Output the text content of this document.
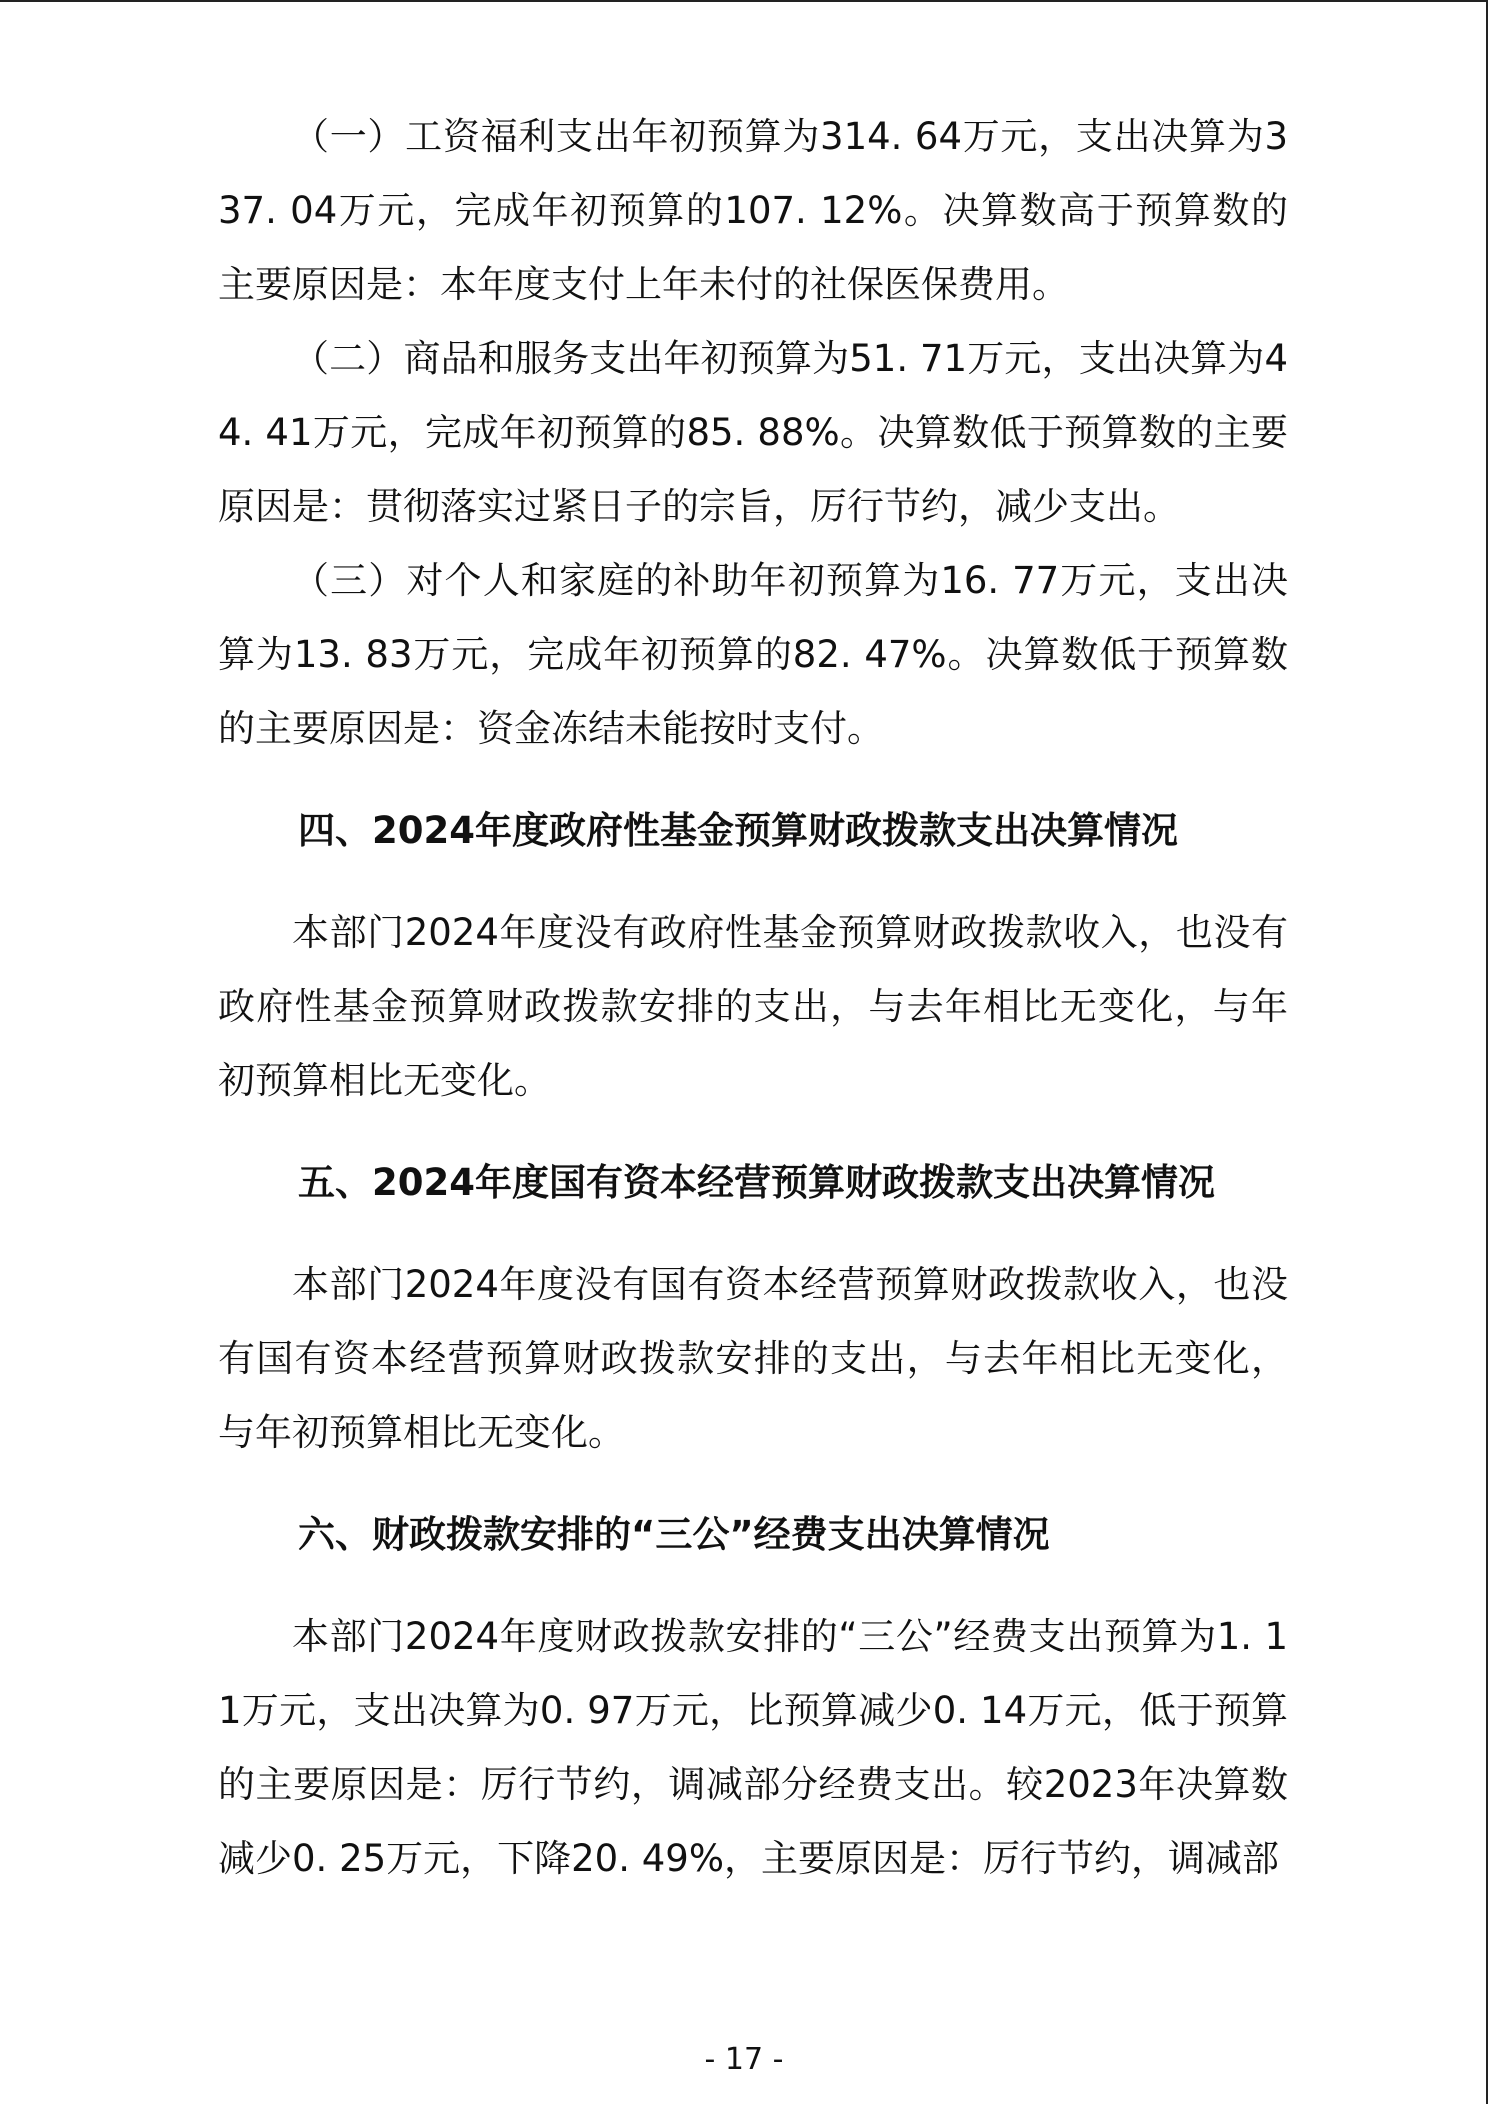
（一）工资福利支出年初预算为314. 64万元，支出决算为337. 04万元，完成年初预算的107. 12%。决算数高于预算数的主要原因是：本年度支付上年未付的社保医保费用。

（二）商品和服务支出年初预算为51. 71万元，支出决算为44. 41万元，完成年初预算的85. 88%。决算数低于预算数的主要原因是：贯彻落实过紧日子的宗旨，厉行节约，减少支出。

（三）对个人和家庭的补助年初预算为16. 77万元，支出决算为13. 83万元，完成年初预算的82. 47%。决算数低于预算数的主要原因是：资金冻结未能按时支付。

四、2024年度政府性基金预算财政拨款支出决算情况

本部门2024年度没有政府性基金预算财政拨款收入，也没有政府性基金预算财政拨款安排的支出，与去年相比无变化，与年初预算相比无变化。

五、2024年度国有资本经营预算财政拨款支出决算情况

本部门2024年度没有国有资本经营预算财政拨款收入，也没有国有资本经营预算财政拨款安排的支出，与去年相比无变化，与年初预算相比无变化。

六、财政拨款安排的“三公”经费支出决算情况

本部门2024年度财政拨款安排的“三公”经费支出预算为1. 11万元，支出决算为0. 97万元，比预算减少0. 14万元，低于预算的主要原因是：厉行节约，调减部分经费支出。较2023年决算数减少0. 25万元，下降20. 49%，主要原因是：厉行节约，调减部

- 17 -
